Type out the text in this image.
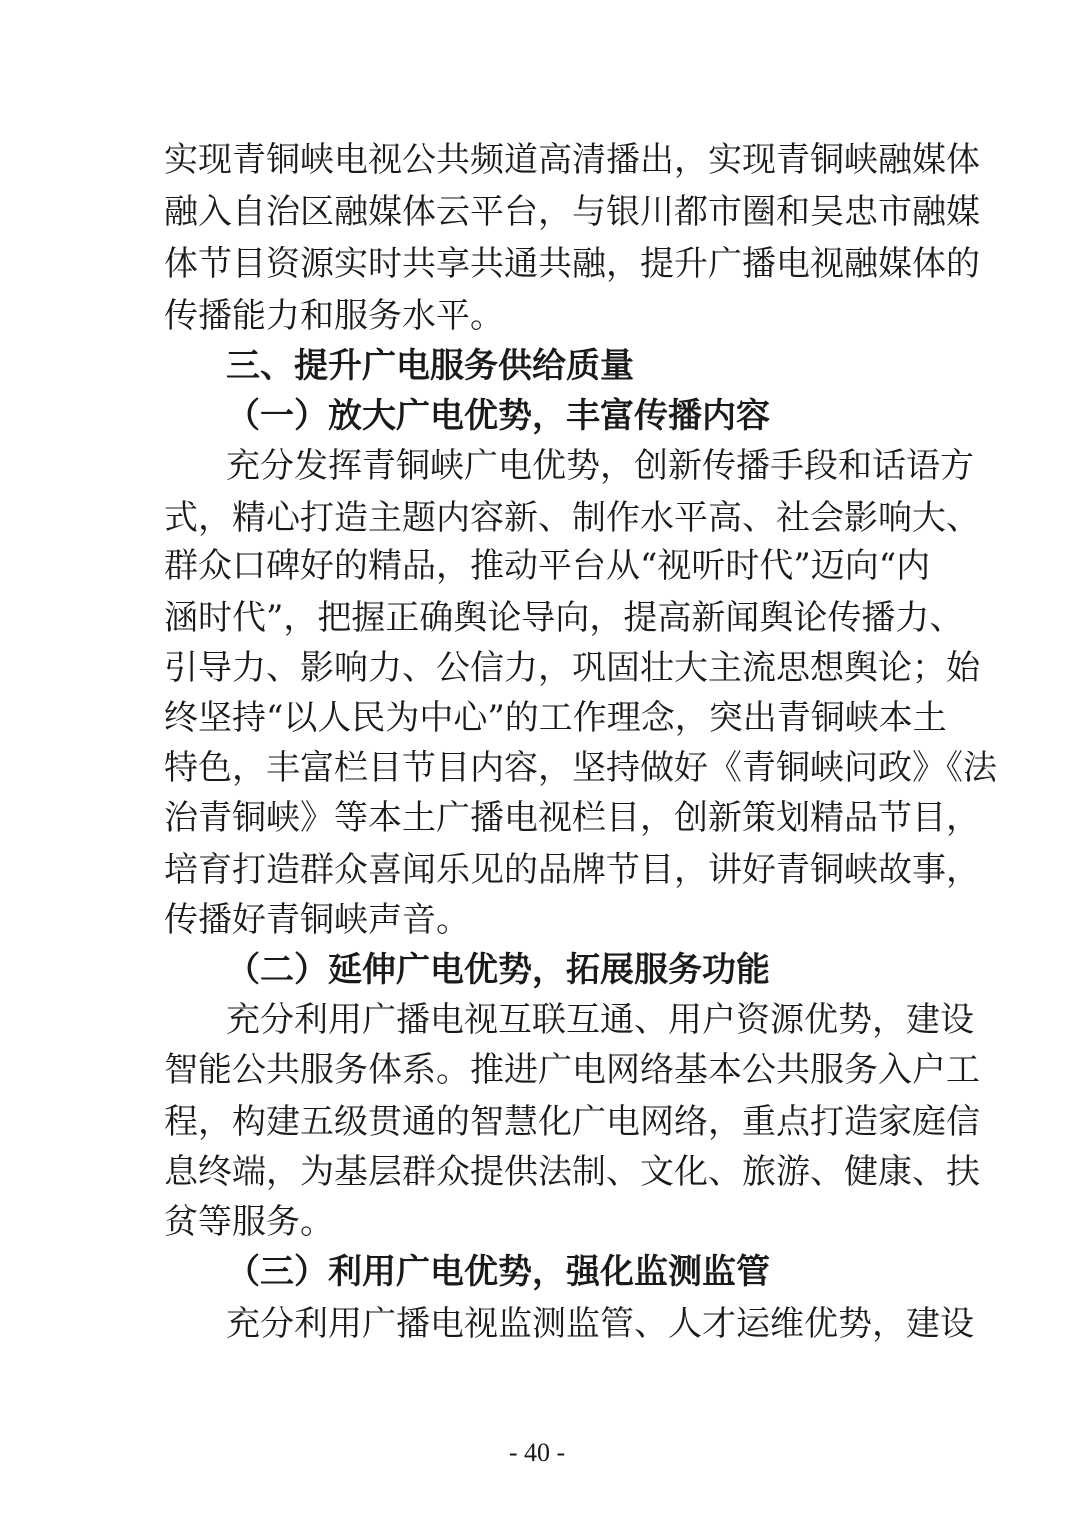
实现青铜峡电视公共频道高清播出，实现青铜峡融媒体
融入自治区融媒体云平台，与银川都市圈和吴忠市融媒
体节目资源实时共享共通共融，提升广播电视融媒体的
传播能力和服务水平。
三、提升广电服务供给质量
（一）放大广电优势，丰富传播内容
充分发挥青铜峡广电优势，创新传播手段和话语方
式，精心打造主题内容新、制作水平高、社会影响大、
群众口碑好的精品，推动平台从“视听时代”迈向“内
涵时代”，把握正确舆论导向，提高新闻舆论传播力、
引导力、影响力、公信力，巩固壮大主流思想舆论；始
终坚持“以人民为中心”的工作理念，突出青铜峡本土
特色，丰富栏目节目内容，坚持做好《青铜峡问政》《法
治青铜峡》等本土广播电视栏目，创新策划精品节目，
培育打造群众喜闻乐见的品牌节目，讲好青铜峡故事，
传播好青铜峡声音。
（二）延伸广电优势，拓展服务功能
充分利用广播电视互联互通、用户资源优势，建设
智能公共服务体系。推进广电网络基本公共服务入户工
程，构建五级贯通的智慧化广电网络，重点打造家庭信
息终端，为基层群众提供法制、文化、旅游、健康、扶
贫等服务。
（三）利用广电优势，强化监测监管
充分利用广播电视监测监管、人才运维优势，建设
- 40 -
